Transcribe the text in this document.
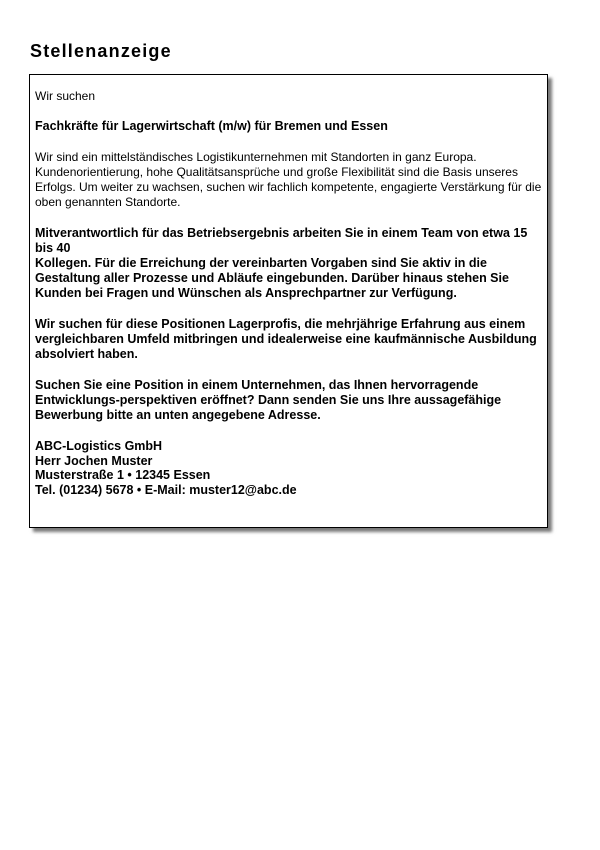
Stellenanzeige

Wir suchen

Fachkräfte für Lagerwirtschaft (m/w) für Bremen und Essen

Wir sind ein mittelständisches Logistikunternehmen mit Standorten in ganz Europa. Kundenorientierung, hohe Qualitätsansprüche und große Flexibilität sind die Basis unseres Erfolgs. Um weiter zu wachsen, suchen wir fachlich kompetente, engagierte Verstärkung für die oben genannten Standorte.

Mitverantwortlich für das Betriebsergebnis arbeiten Sie in einem Team von etwa 15 bis 40
Kollegen. Für die Erreichung der vereinbarten Vorgaben sind Sie aktiv in die Gestaltung aller Prozesse und Abläufe eingebunden. Darüber hinaus stehen Sie Kunden bei Fragen und Wünschen als Ansprechpartner zur Verfügung.

Wir suchen für diese Positionen Lagerprofis, die mehrjährige Erfahrung aus einem vergleichbaren Umfeld mitbringen und idealerweise eine kaufmännische Ausbildung absolviert haben.

Suchen Sie eine Position in einem Unternehmen, das Ihnen hervorragende Entwicklungs-perspektiven eröffnet? Dann senden Sie uns Ihre aussagefähige Bewerbung bitte an unten angegebene Adresse.

ABC-Logistics GmbH
Herr Jochen Muster
Musterstraße 1 • 12345 Essen
Tel. (01234) 5678 • E-Mail: muster12@abc.de
